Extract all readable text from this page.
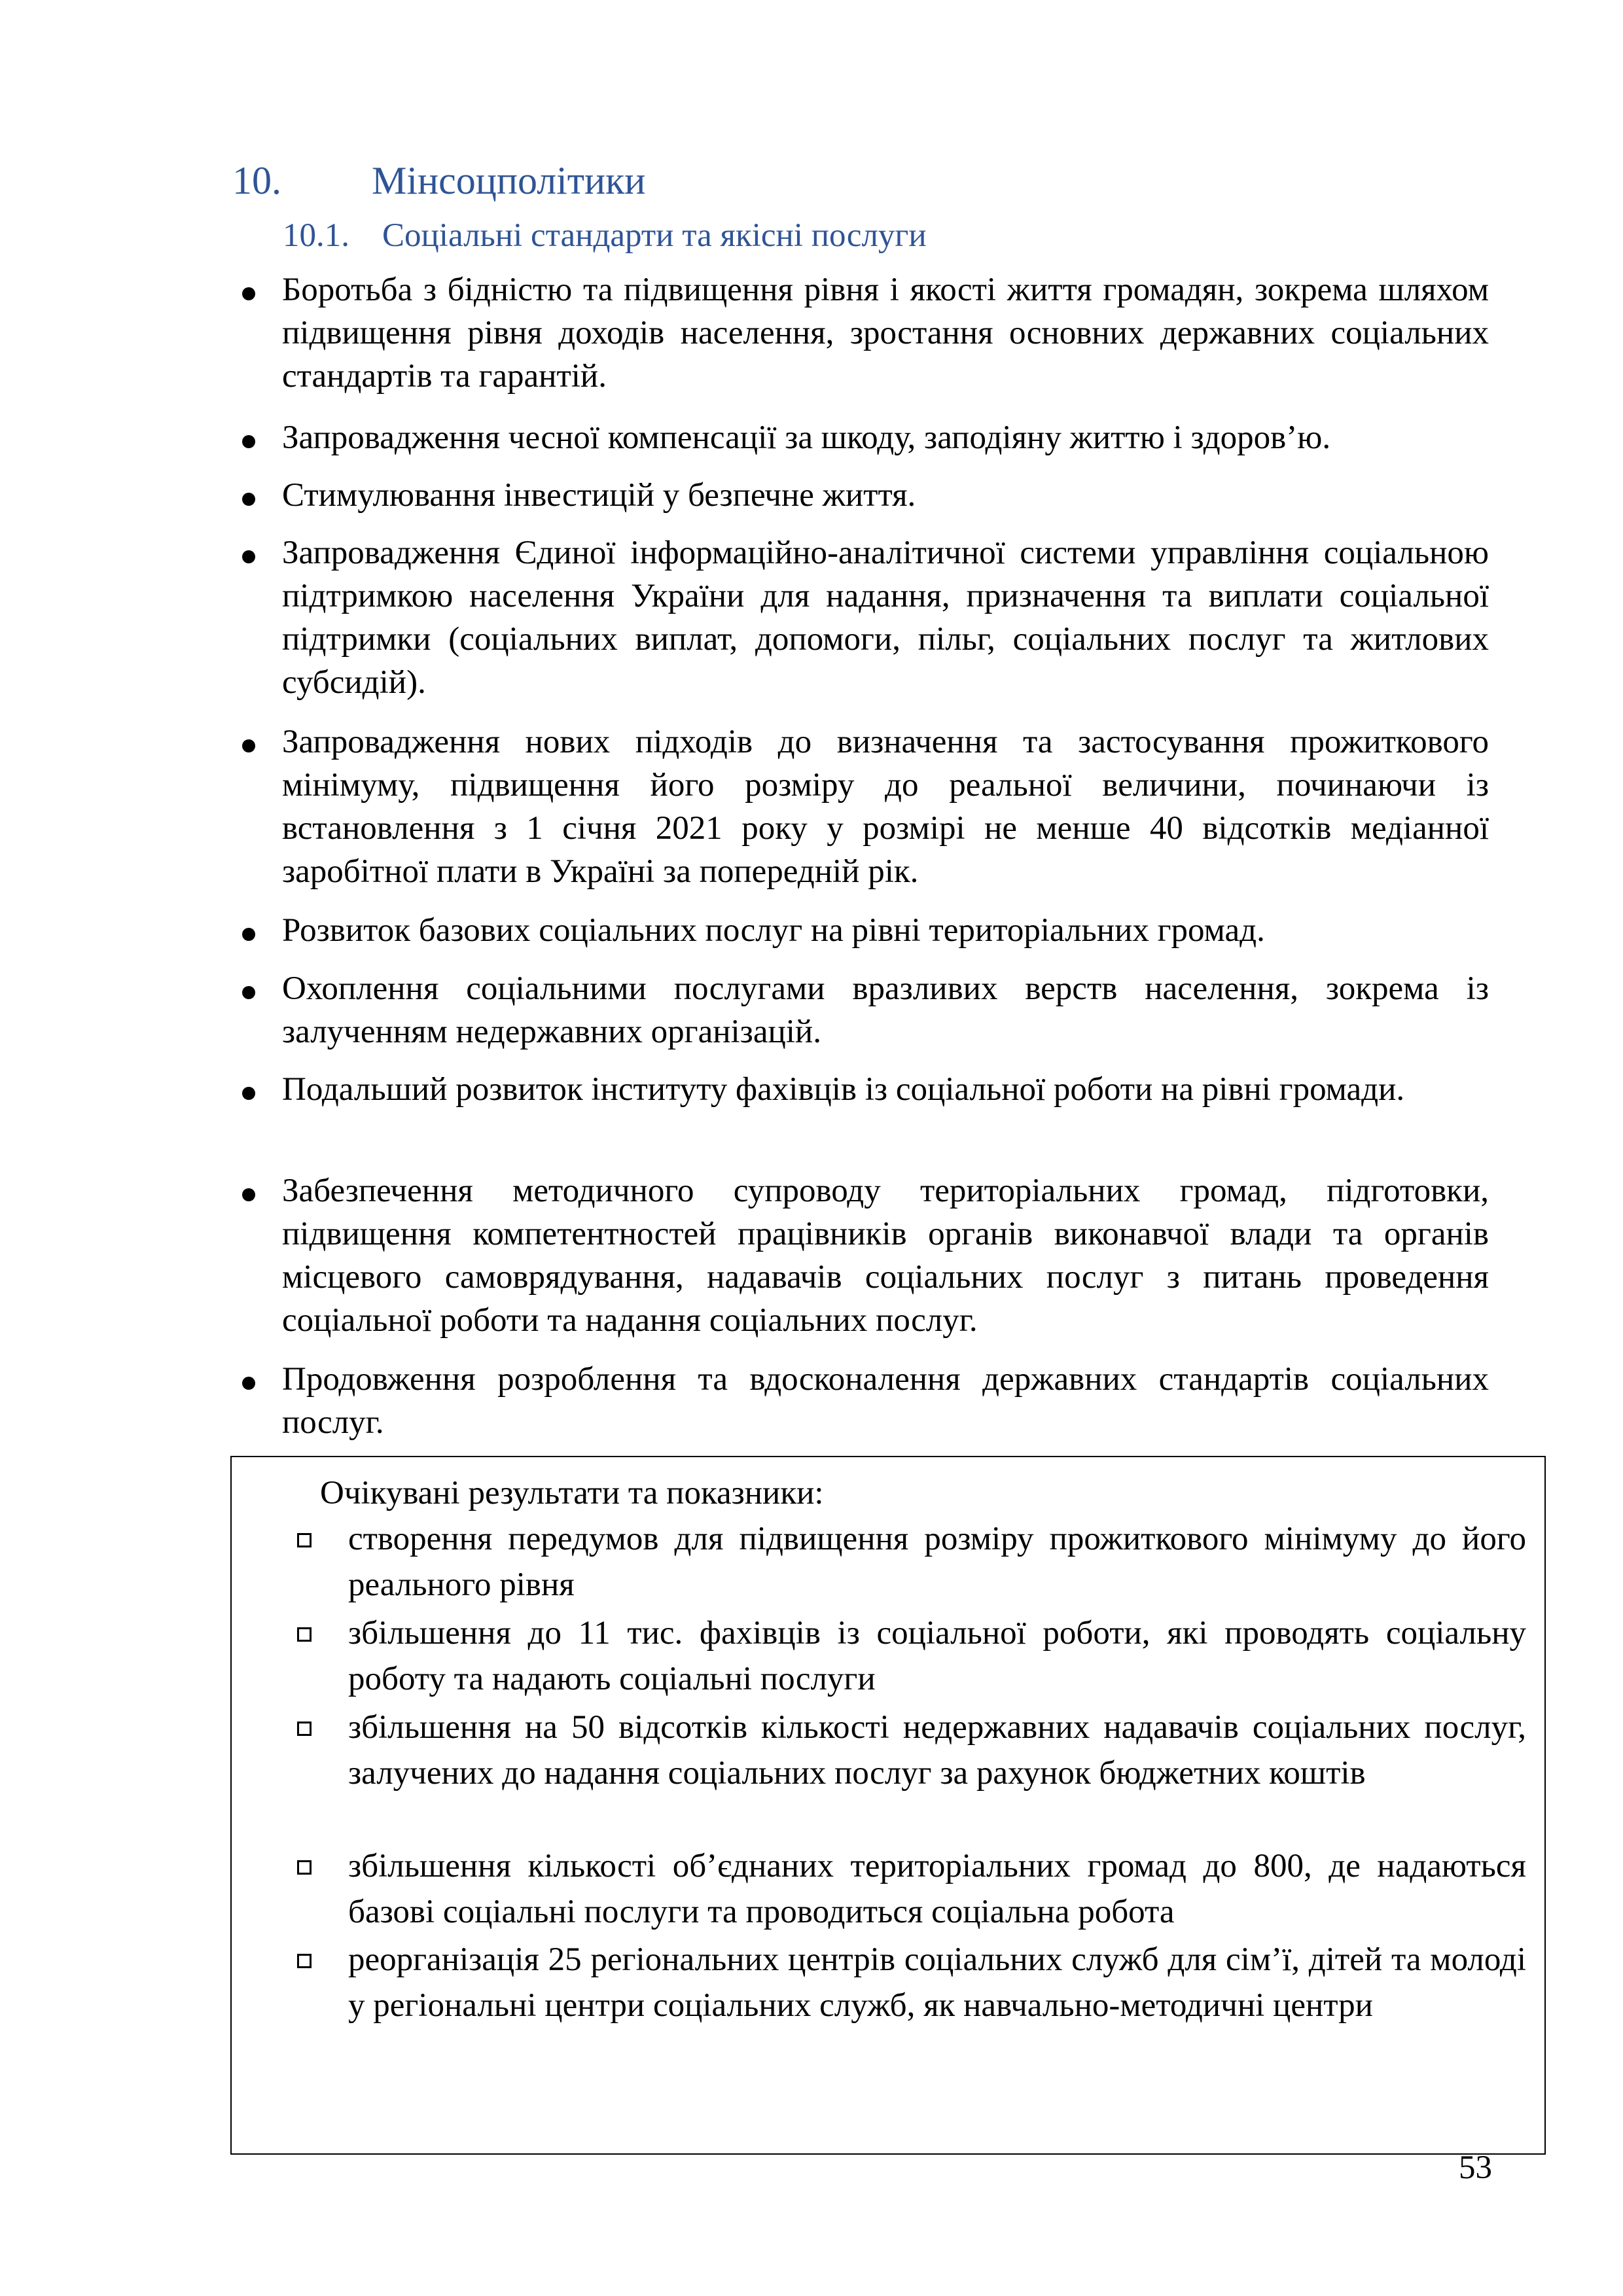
10. Мінсоцполітики
10.1. Соціальні стандарти та якісні послуги

Боротьба з бідністю та підвищення рівня і якості життя громадян, зокрема шляхом підвищення рівня доходів населення, зростання основних державних соціальних стандартів та гарантій.

Запровадження чесної компенсації за шкоду, заподіяну життю і здоров’ю.

Стимулювання інвестицій у безпечне життя.

Запровадження Єдиної інформаційно-аналітичної системи управління соціальною підтримкою населення України для надання, призначення та виплати соціальної підтримки (соціальних виплат, допомоги, пільг, соціальних послуг та житлових субсидій).

Запровадження нових підходів до визначення та застосування прожиткового мінімуму, підвищення його розміру до реальної величини, починаючи із встановлення з 1 січня 2021 року у розмірі не менше 40 відсотків медіанної заробітної плати в Україні за попередній рік.

Розвиток базових соціальних послуг на рівні територіальних громад.

Охоплення соціальними послугами вразливих верств населення, зокрема із залученням недержавних організацій.

Подальший розвиток інституту фахівців із соціальної роботи на рівні громади.

Забезпечення методичного супроводу територіальних громад, підготовки, підвищення компетентностей працівників органів виконавчої влади та органів місцевого самоврядування, надавачів соціальних послуг з питань проведення соціальної роботи та надання соціальних послуг.

Продовження розроблення та вдосконалення державних стандартів соціальних послуг.

Очікувані результати та показники:

створення передумов для підвищення розміру прожиткового мінімуму до його реального рівня

збільшення до 11 тис. фахівців із соціальної роботи, які проводять соціальну роботу та надають соціальні послуги

збільшення на 50 відсотків кількості недержавних надавачів соціальних послуг, залучених до надання соціальних послуг за рахунок бюджетних коштів

збільшення кількості об’єднаних територіальних громад до 800, де надаються базові соціальні послуги та проводиться соціальна робота

реорганізація 25 регіональних центрів соціальних служб для сім’ї, дітей та молоді у регіональні центри соціальних служб, як навчально-методичні центри

53
